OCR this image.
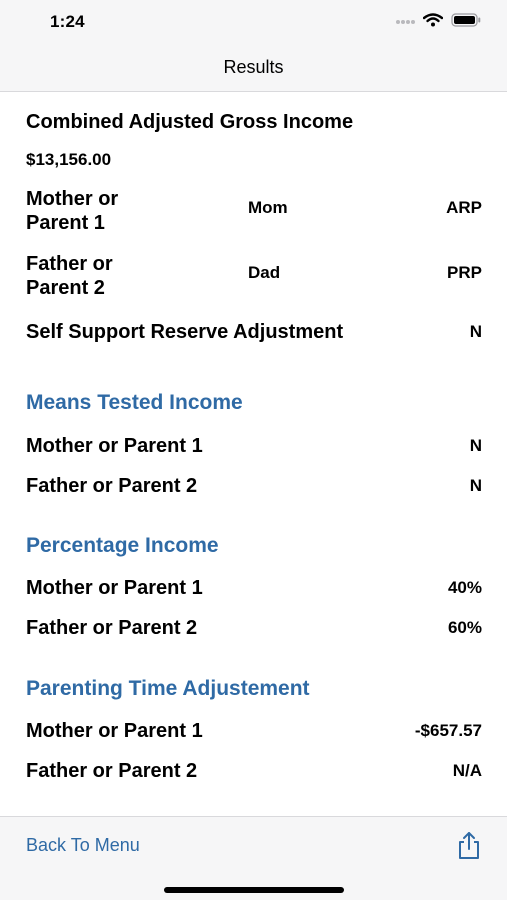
1:24
Results
Combined Adjusted Gross Income
$13,156.00
Mother or
Parent 1
Mom	ARP
Father or
Parent 2
Dad	PRP
Self Support Reserve Adjustment	N
Means Tested Income
Mother or Parent 1	N
Father or Parent 2	N
Percentage Income
Mother or Parent 1	40%
Father or Parent 2	60%
Parenting Time Adjustement
Mother or Parent 1	-$657.57
Father or Parent 2	N/A
Back To Menu
